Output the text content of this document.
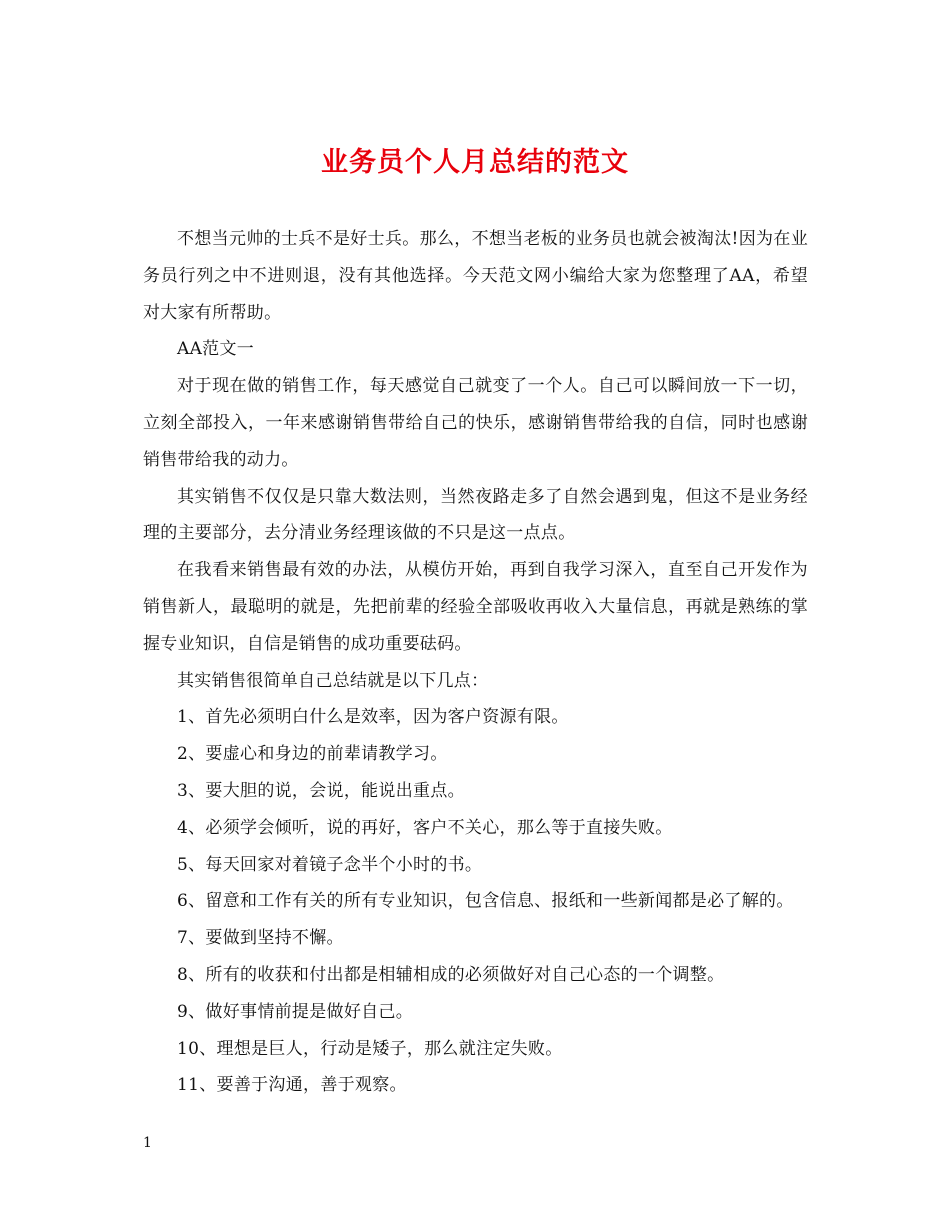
业务员个人月总结的范文

不想当元帅的士兵不是好士兵。那么，不想当老板的业务员也就会被淘汰!因为在业务员行列之中不进则退，没有其他选择。今天范文网小编给大家为您整理了AA，希望对大家有所帮助。

AA范文一

对于现在做的销售工作，每天感觉自己就变了一个人。自己可以瞬间放一下一切，立刻全部投入，一年来感谢销售带给自己的快乐，感谢销售带给我的自信，同时也感谢销售带给我的动力。

其实销售不仅仅是只靠大数法则，当然夜路走多了自然会遇到鬼，但这不是业务经理的主要部分，去分清业务经理该做的不只是这一点点。

在我看来销售最有效的办法，从模仿开始，再到自我学习深入，直至自己开发作为销售新人，最聪明的就是，先把前辈的经验全部吸收再收入大量信息，再就是熟练的掌握专业知识，自信是销售的成功重要砝码。

其实销售很简单自己总结就是以下几点：

1、首先必须明白什么是效率，因为客户资源有限。

2、要虚心和身边的前辈请教学习。

3、要大胆的说，会说，能说出重点。

4、必须学会倾听，说的再好，客户不关心，那么等于直接失败。

5、每天回家对着镜子念半个小时的书。

6、留意和工作有关的所有专业知识，包含信息、报纸和一些新闻都是必了解的。

7、要做到坚持不懈。

8、所有的收获和付出都是相辅相成的必须做好对自己心态的一个调整。

9、做好事情前提是做好自己。

10、理想是巨人，行动是矮子，那么就注定失败。

11、要善于沟通，善于观察。

1
